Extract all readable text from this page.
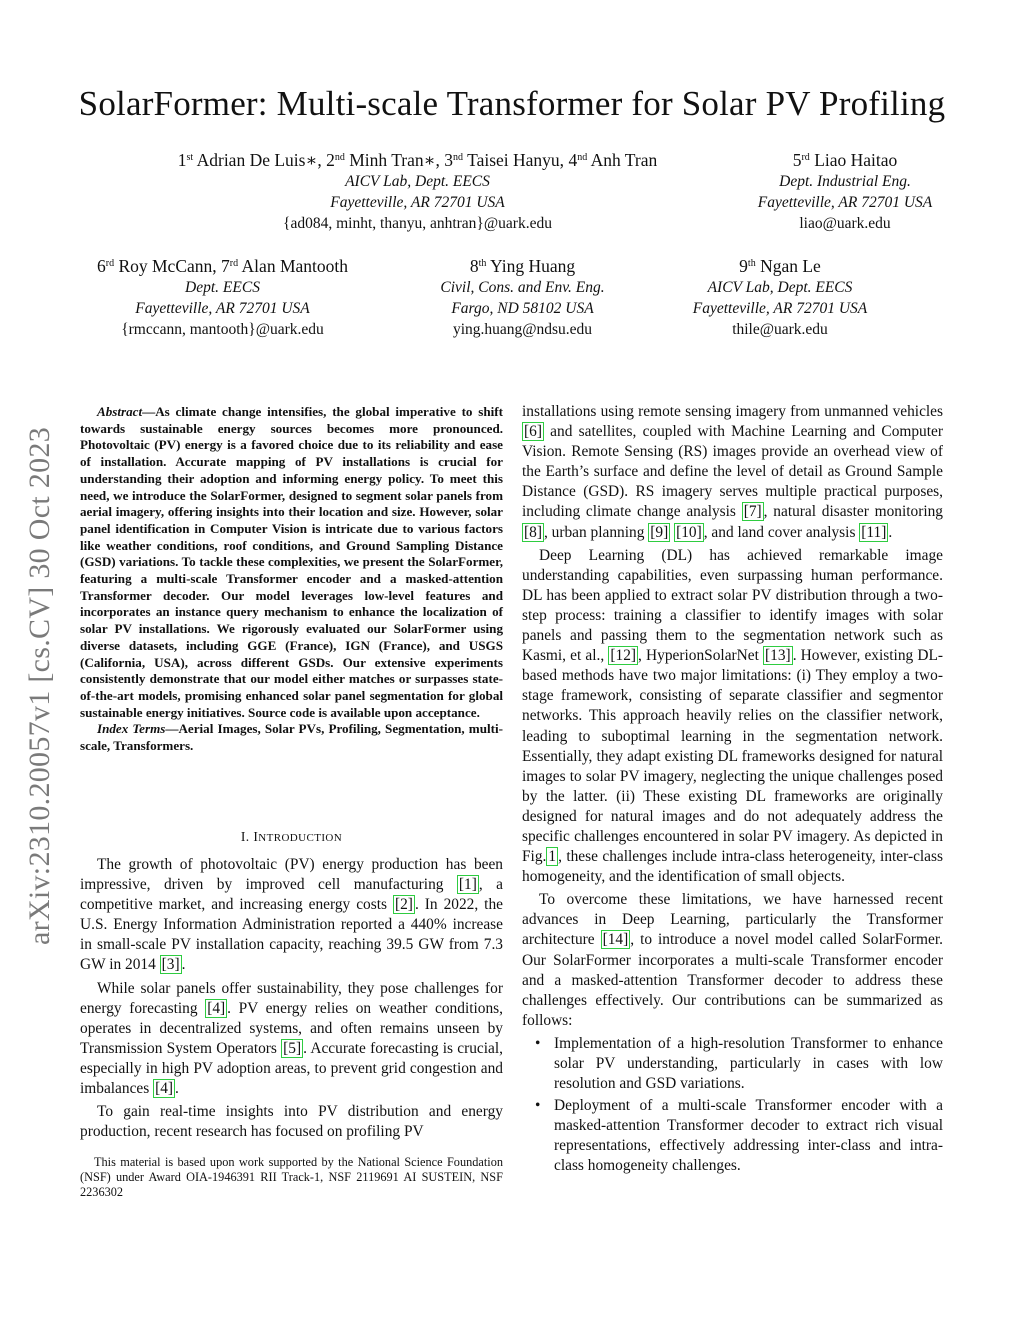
SolarFormer: Multi-scale Transformer for Solar PV Profiling
1st Adrian De Luis∗, 2nd Minh Tran∗, 3nd Taisei Hanyu, 4nd Anh Tran
AICV Lab, Dept. EECS
Fayetteville, AR 72701 USA
{ad084, minht, thanyu, anhtran}@uark.edu
5rd Liao Haitao
Dept. Industrial Eng.
Fayetteville, AR 72701 USA
liao@uark.edu
6rd Roy McCann, 7rd Alan Mantooth
Dept. EECS
Fayetteville, AR 72701 USA
{rmccann, mantooth}@uark.edu
8th Ying Huang
Civil, Cons. and Env. Eng.
Fargo, ND 58102 USA
ying.huang@ndsu.edu
9th Ngan Le
AICV Lab, Dept. EECS
Fayetteville, AR 72701 USA
thile@uark.edu
arXiv:2310.20057v1 [cs.CV] 30 Oct 2023

Abstract—As climate change intensifies, the global imperative to shift towards sustainable energy sources becomes more pronounced. Photovoltaic (PV) energy is a favored choice due to its reliability and ease of installation. Accurate mapping of PV installations is crucial for understanding their adoption and informing energy policy. To meet this need, we introduce the SolarFormer, designed to segment solar panels from aerial imagery, offering insights into their location and size. However, solar panel identification in Computer Vision is intricate due to various factors like weather conditions, roof conditions, and Ground Sampling Distance (GSD) variations. To tackle these complexities, we present the SolarFormer, featuring a multi-scale Transformer encoder and a masked-attention Transformer decoder. Our model leverages low-level features and incorporates an instance query mechanism to enhance the localization of solar PV installations. We rigorously evaluated our SolarFormer using diverse datasets, including GGE (France), IGN (France), and USGS (California, USA), across different GSDs. Our extensive experiments consistently demonstrate that our model either matches or surpasses state-of-the-art models, promising enhanced solar panel segmentation for global sustainable energy initiatives. Source code is available upon acceptance.

Index Terms—Aerial Images, Solar PVs, Profiling, Segmentation, multi-scale, Transformers.

I. INTRODUCTION

The growth of photovoltaic (PV) energy production has been impressive, driven by improved cell manufacturing [1] , a competitive market, and increasing energy costs [2] . In 2022, the U.S. Energy Information Administration reported a 440% increase in small-scale PV installation capacity, reaching 39.5 GW from 7.3 GW in 2014 [3] .

While solar panels offer sustainability, they pose challenges for energy forecasting [4] . PV energy relies on weather conditions, operates in decentralized systems, and often remains unseen by Transmission System Operators [5] . Accurate forecasting is crucial, especially in high PV adoption areas, to prevent grid congestion and imbalances [4] .

To gain real-time insights into PV distribution and energy production, recent research has focused on profiling PV

This material is based upon work supported by the National Science Foundation (NSF) under Award OIA-1946391 RII Track-1, NSF 2119691 AI SUSTEIN, NSF 2236302

installations using remote sensing imagery from unmanned vehicles [6] and satellites, coupled with Machine Learning and Computer Vision. Remote Sensing (RS) images provide an overhead view of the Earth’s surface and define the level of detail as Ground Sample Distance (GSD). RS imagery serves multiple practical purposes, including climate change analysis [7] , natural disaster monitoring [8] , urban planning [9] [10] , and land cover analysis [11] .

Deep Learning (DL) has achieved remarkable image understanding capabilities, even surpassing human performance. DL has been applied to extract solar PV distribution through a two-step process: training a classifier to identify images with solar panels and passing them to the segmentation network such as Kasmi, et al., [12] , HyperionSolarNet [13] . However, existing DL-based methods have two major limitations: (i) They employ a two-stage framework, consisting of separate classifier and segmentor networks. This approach heavily relies on the classifier network, leading to suboptimal learning in the segmentation network. Essentially, they adapt existing DL frameworks designed for natural images to solar PV imagery, neglecting the unique challenges posed by the latter. (ii) These existing DL frameworks are originally designed for natural images and do not adequately address the specific challenges encountered in solar PV imagery. As depicted in Fig. 1 , these challenges include intra-class heterogeneity, inter-class homogeneity, and the identification of small objects.

To overcome these limitations, we have harnessed recent advances in Deep Learning, particularly the Transformer architecture [14] , to introduce a novel model called SolarFormer. Our SolarFormer incorporates a multi-scale Transformer encoder and a masked-attention Transformer decoder to address these challenges effectively. Our contributions can be summarized as follows:

• Implementation of a high-resolution Transformer to enhance solar PV understanding, particularly in cases with low resolution and GSD variations.
• Deployment of a multi-scale Transformer encoder with a masked-attention Transformer decoder to extract rich visual representations, effectively addressing inter-class and intra-class homogeneity challenges.
